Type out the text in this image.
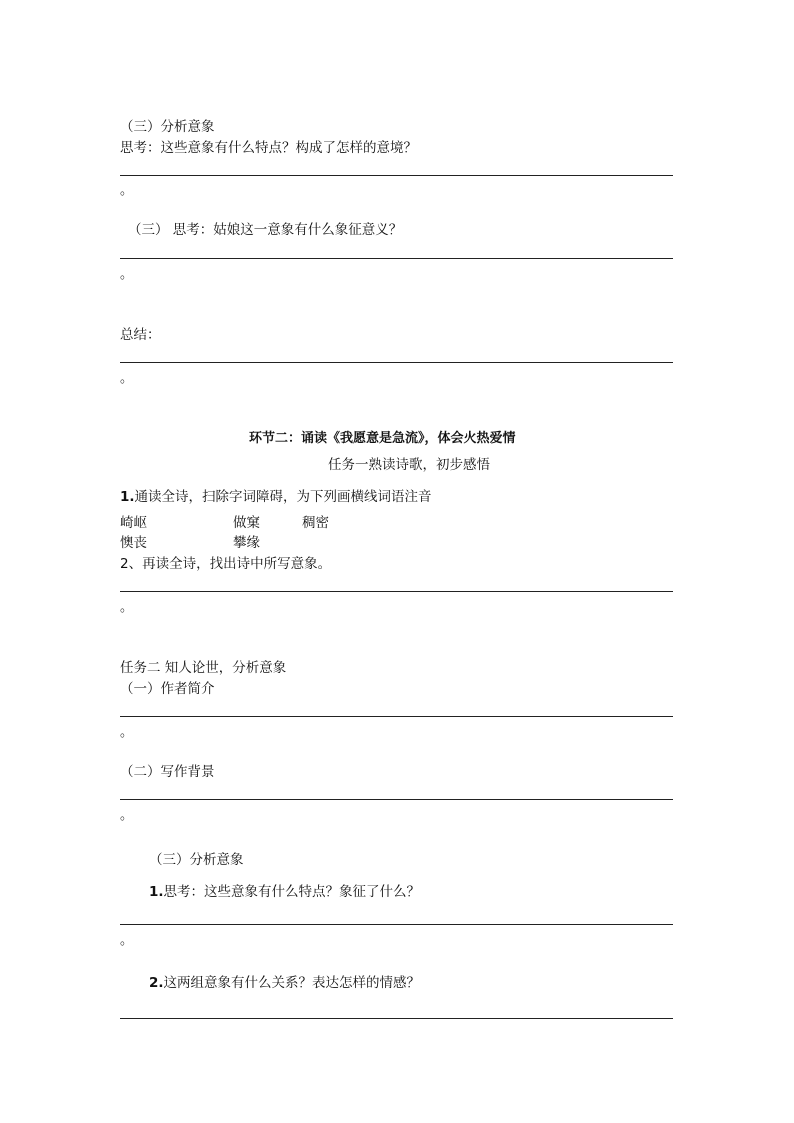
（三）分析意象
思考：这些意象有什么特点？构成了怎样的意境？
。
（三） 思考：姑娘这一意象有什么象征意义？
。
总结：
。
环节二：诵读《我愿意是急流》，体会火热爱情
任务一熟读诗歌，初步感悟
1.通读全诗，扫除字词障碍，为下列画横线词语注音
崎岖	做窠	稠密
懊丧	攀缘
2、再读全诗，找出诗中所写意象。
。
任务二 知人论世，分析意象
（一）作者简介
。
（二）写作背景
。
（三）分析意象
1.思考：这些意象有什么特点？象征了什么？
。
2.这两组意象有什么关系？表达怎样的情感？
